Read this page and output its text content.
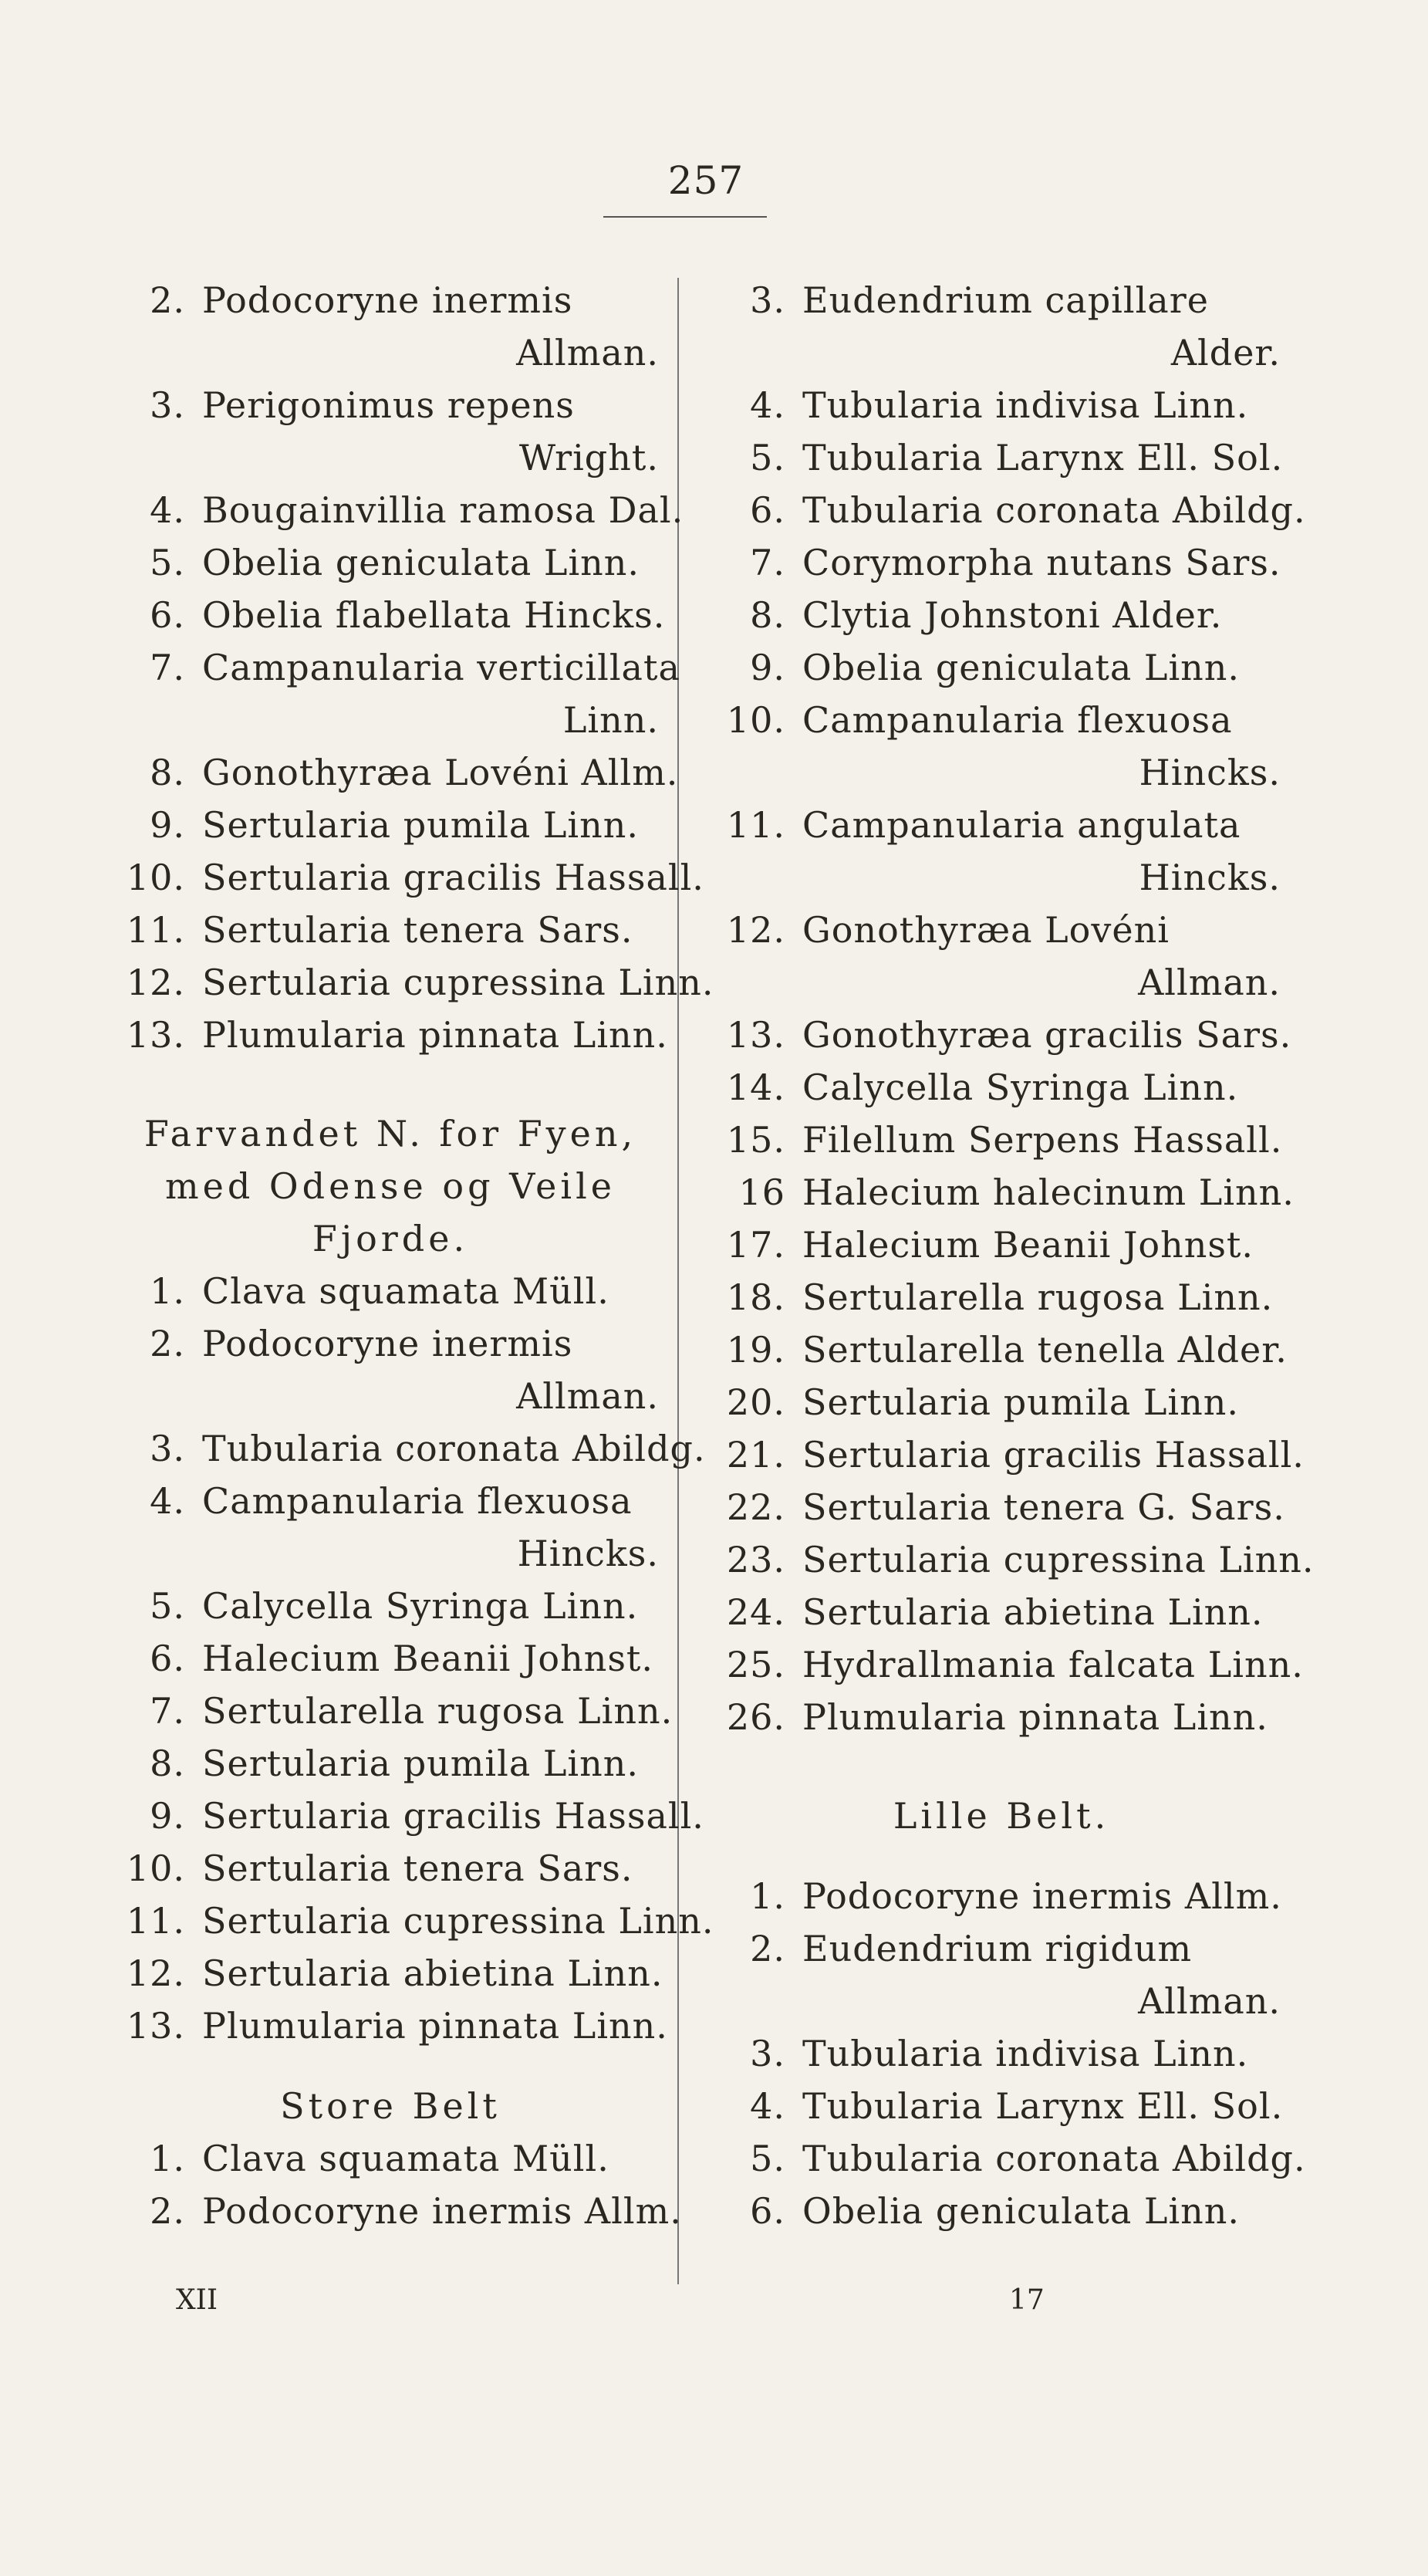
257
2. Podocoryne inermis
Allman.
3. Perigonimus repens
Wright.
4. Bougainvillia ramosa Dal.
5. Obelia geniculata Linn.
6. Obelia flabellata Hincks.
7. Campanularia verticillata
Linn.
8. Gonothyræa Lovéni Allm.
9. Sertularia pumila Linn.
10. Sertularia gracilis Hassall.
11. Sertularia tenera Sars.
12. Sertularia cupressina Linn.
13. Plumularia pinnata Linn.
Farvandet N. for Fyen,
med Odense og Veile
Fjorde.
1. Clava squamata Müll.
2. Podocoryne inermis
Allman.
3. Tubularia coronata Abildg.
4. Campanularia flexuosa
Hincks.
5. Calycella Syringa Linn.
6. Halecium Beanii Johnst.
7. Sertularella rugosa Linn.
8. Sertularia pumila Linn.
9. Sertularia gracilis Hassall.
10. Sertularia tenera Sars.
11. Sertularia cupressina Linn.
12. Sertularia abietina Linn.
13. Plumularia pinnata Linn.
Store Belt
1. Clava squamata Müll.
2. Podocoryne inermis Allm.
3. Eudendrium capillare
Alder.
4. Tubularia indivisa Linn.
5. Tubularia Larynx Ell. Sol.
6. Tubularia coronata Abildg.
7. Corymorpha nutans Sars.
8. Clytia Johnstoni Alder.
9. Obelia geniculata Linn.
10. Campanularia flexuosa
Hincks.
11. Campanularia angulata
Hincks.
12. Gonothyræa Lovéni
Allman.
13. Gonothyræa gracilis Sars.
14. Calycella Syringa Linn.
15. Filellum Serpens Hassall.
16 Halecium halecinum Linn.
17. Halecium Beanii Johnst.
18. Sertularella rugosa Linn.
19. Sertularella tenella Alder.
20. Sertularia pumila Linn.
21. Sertularia gracilis Hassall.
22. Sertularia tenera G. Sars.
23. Sertularia cupressina Linn.
24. Sertularia abietina Linn.
25. Hydrallmania falcata Linn.
26. Plumularia pinnata Linn.
Lille Belt.
1. Podocoryne inermis Allm.
2. Eudendrium rigidum
Allman.
3. Tubularia indivisa Linn.
4. Tubularia Larynx Ell. Sol.
5. Tubularia coronata Abildg.
6. Obelia geniculata Linn.
XII	17
